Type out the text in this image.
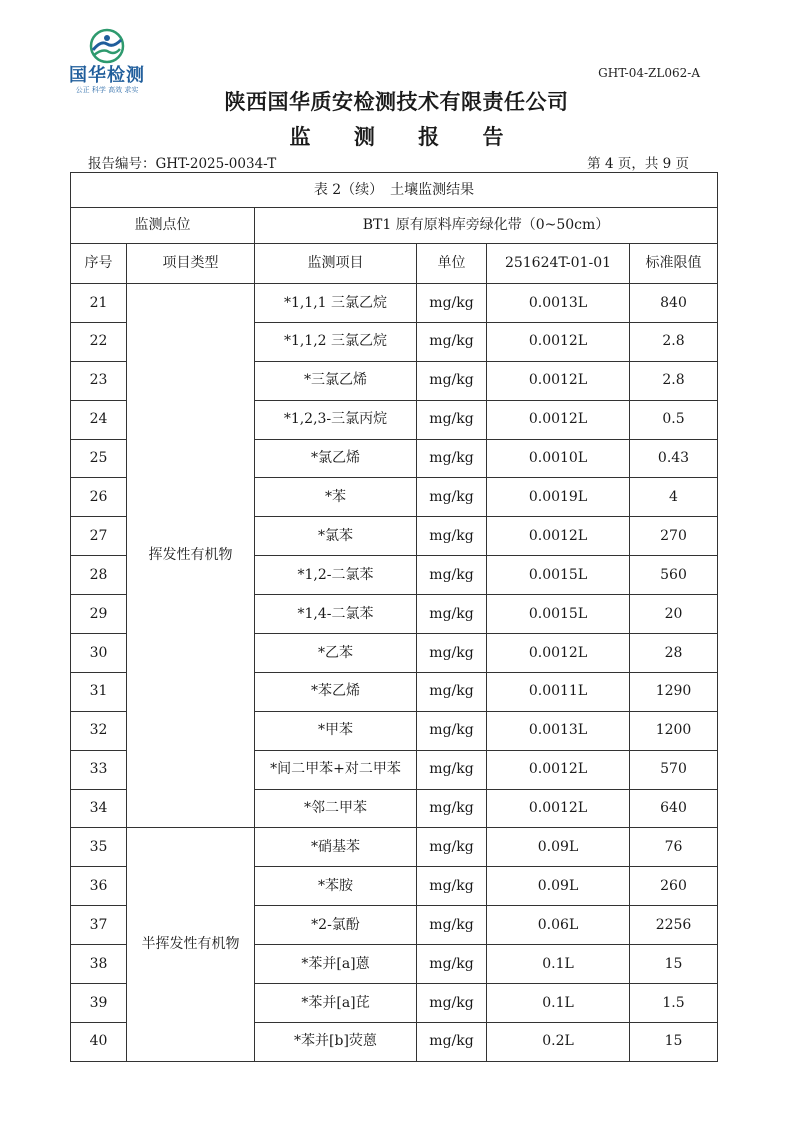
国华检测
公正 科学 高效 求实
GHT-04-ZL062-A
陕西国华质安检测技术有限责任公司
监 测 报 告
报告编号：GHT-2025-0034-T	第 4 页，共 9 页
表 2（续）　土壤监测结果					
监测点位		BT1 原有原料库旁绿化带（0~50cm）			
序号	项目类型	监测项目	单位	251624T-01-01	标准限值
21	挥发性有机物	*1,1,1 三氯乙烷	mg/kg	0.0013L	840
22		*1,1,2 三氯乙烷	mg/kg	0.0012L	2.8
23		*三氯乙烯	mg/kg	0.0012L	2.8
24		*1,2,3-三氯丙烷	mg/kg	0.0012L	0.5
25		*氯乙烯	mg/kg	0.0010L	0.43
26		*苯	mg/kg	0.0019L	4
27		*氯苯	mg/kg	0.0012L	270
28		*1,2-二氯苯	mg/kg	0.0015L	560
29		*1,4-二氯苯	mg/kg	0.0015L	20
30		*乙苯	mg/kg	0.0012L	28
31		*苯乙烯	mg/kg	0.0011L	1290
32		*甲苯	mg/kg	0.0013L	1200
33		*间二甲苯+对二甲苯	mg/kg	0.0012L	570
34		*邻二甲苯	mg/kg	0.0012L	640
35	半挥发性有机物	*硝基苯	mg/kg	0.09L	76
36		*苯胺	mg/kg	0.09L	260
37		*2-氯酚	mg/kg	0.06L	2256
38		*苯并[a]蒽	mg/kg	0.1L	15
39		*苯并[a]芘	mg/kg	0.1L	1.5
40		*苯并[b]荧蒽	mg/kg	0.2L	15
